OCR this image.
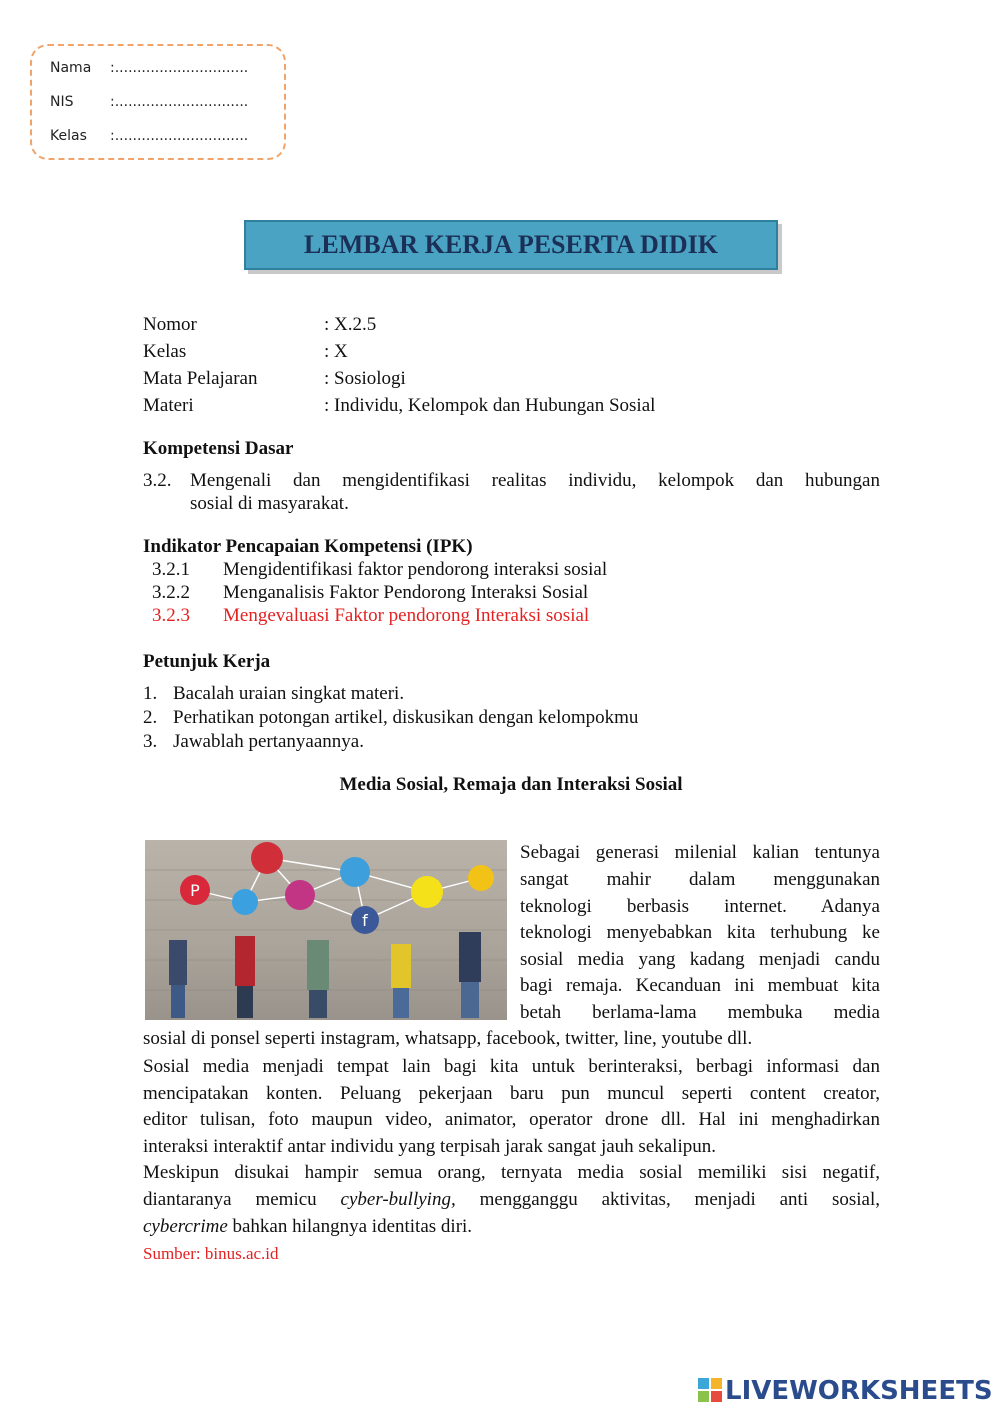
Nama :..............................
NIS	:..............................
Kelas :..............................
LEMBAR KERJA PESERTA DIDIK
Nomor	: X.2.5
Kelas	: X
Mata Pelajaran	: Sosiologi
Materi	: Individu, Kelompok dan Hubungan Sosial
Kompetensi Dasar
3.2. Mengenali dan mengidentifikasi realitas individu, kelompok dan hubungan
sosial di masyarakat.
Indikator Pencapaian Kompetensi (IPK)
3.2.1 Mengidentifikasi faktor pendorong interaksi sosial
3.2.2 Menganalisis Faktor Pendorong Interaksi Sosial
3.2.3 Mengevaluasi Faktor pendorong Interaksi sosial
Petunjuk Kerja
1. Bacalah uraian singkat materi.
2. Perhatikan potongan artikel, diskusikan dengan kelompokmu
3. Jawablah pertanyaannya.
Media Sosial, Remaja dan Interaksi Sosial
P
f
Sebagai generasi milenial kalian tentunya
sangat mahir dalam menggunakan
teknologi berbasis internet. Adanya
teknologi menyebabkan kita terhubung ke
sosial media yang kadang menjadi candu
bagi remaja. Kecanduan ini membuat kita
betah berlama-lama membuka media
sosial di ponsel seperti instagram, whatsapp, facebook, twitter, line, youtube dll.
Sosial media menjadi tempat lain bagi kita untuk berinteraksi, berbagi informasi dan
mencipatakan konten. Peluang pekerjaan baru pun muncul seperti content creator,
editor tulisan, foto maupun video, animator, operator drone dll. Hal ini menghadirkan
interaksi interaktif antar individu yang terpisah jarak sangat jauh sekalipun.
Meskipun disukai hampir semua orang, ternyata media sosial memiliki sisi negatif,
diantaranya memicu cyber-bullying, mengganggu aktivitas, menjadi anti sosial,
cybercrime bahkan hilangnya identitas diri.
Sumber: binus.ac.id
LIVEWORKSHEETS
